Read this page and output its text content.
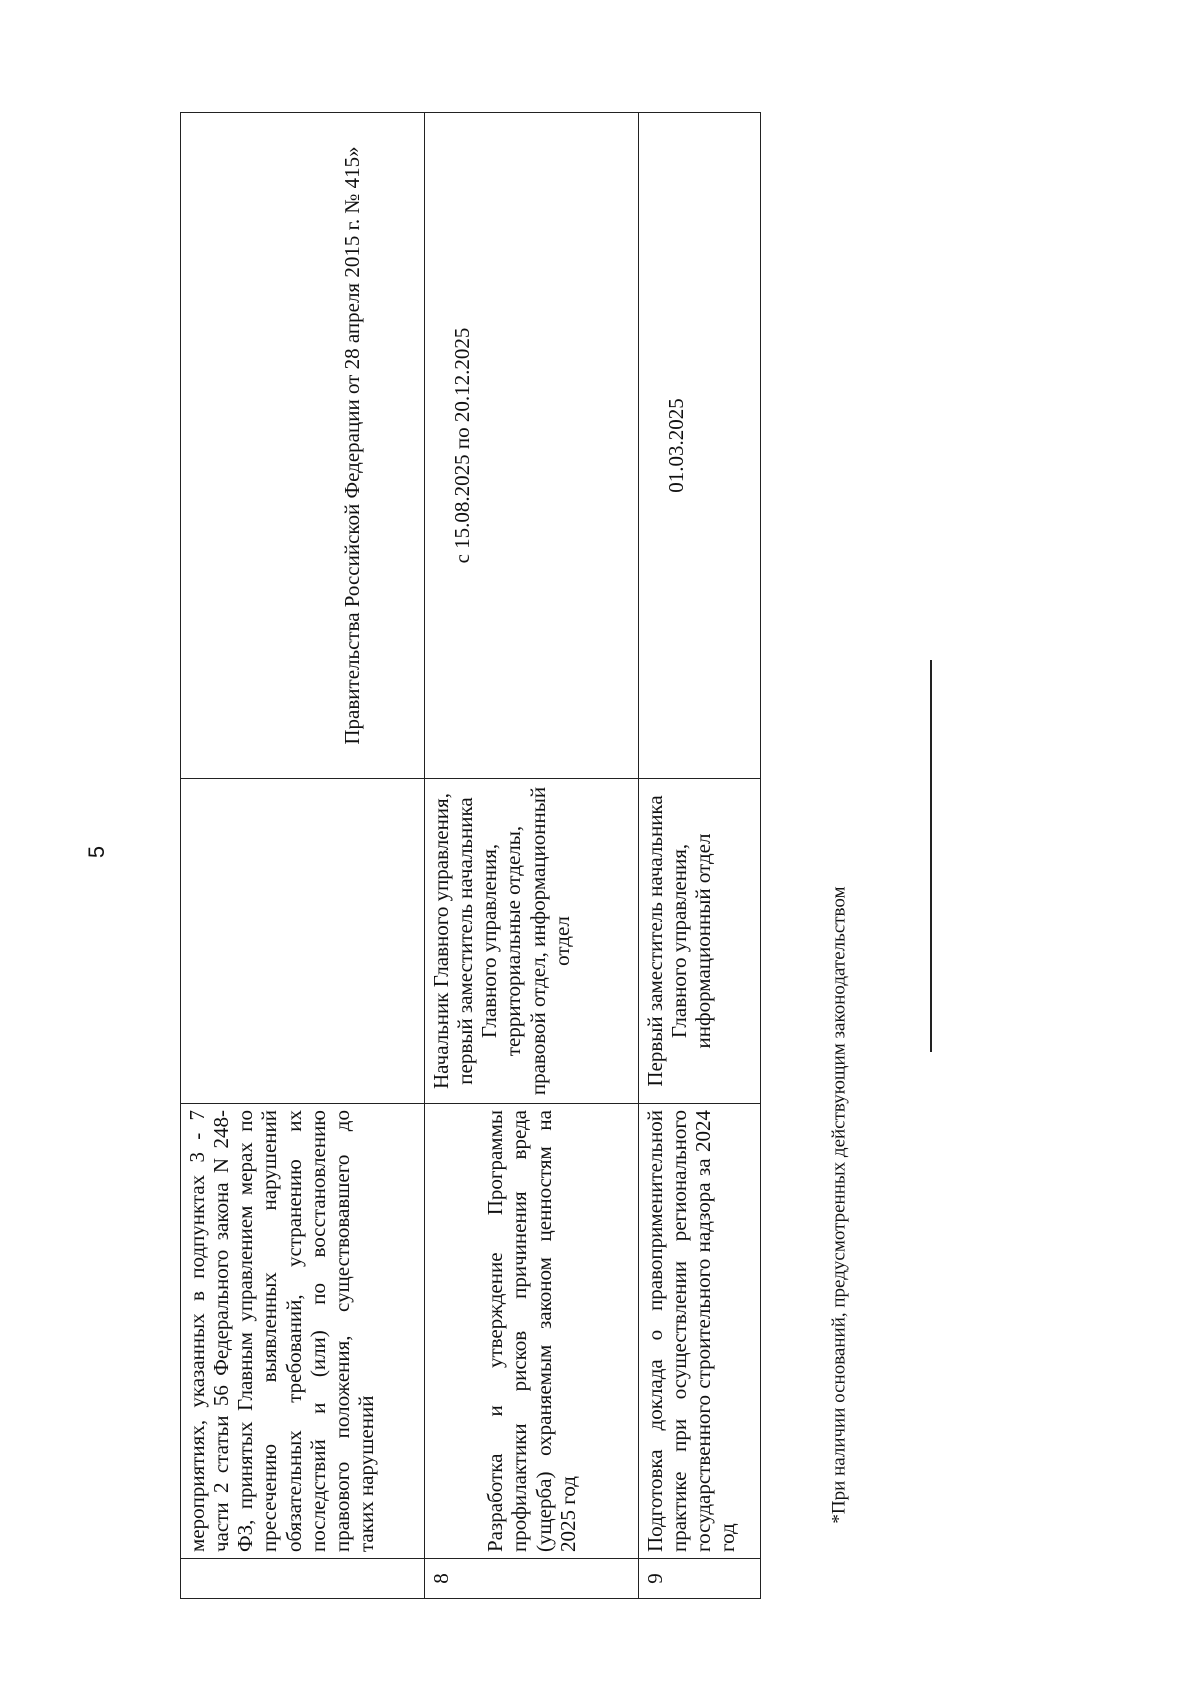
5
	мероприятиях, указанных в подпунктах 3 - 7 части 2 статьи 56 Федерального закона N 248-ФЗ, принятых Главным управлением мерах по пресечению выявленных нарушений обязательных требований, устранению их последствий и (или) по восстановлению правового положения, существовавшего до таких нарушений		Правительства Российской Федерации от 28 апреля 2015 г. № 415»
8	Разработка и утверждение Программы профилактики рисков причинения вреда (ущерба) охраняемым законом ценностям на 2025 год	Начальник Главного управления, первый заместитель начальника Главного управления, территориальные отделы, правовой отдел, информационный отдел	с 15.08.2025 по 20.12.2025
9	Подготовка доклада о правоприменительной практике при осуществлении регионального государственного строительного надзора за 2024 год	Первый заместитель начальника Главного управления, информационный отдел	01.03.2025
*При наличии оснований, предусмотренных действующим законодательством
